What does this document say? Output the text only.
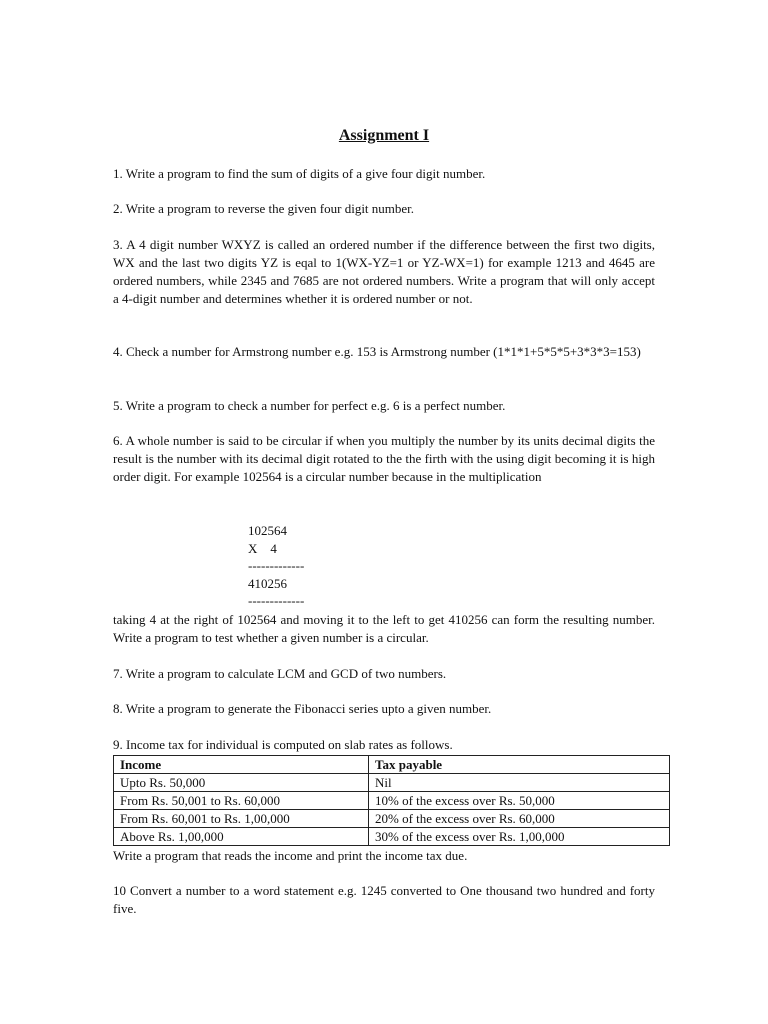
Assignment I
1. Write a program to find the sum of digits of a give four digit number.
2. Write a program to reverse the given four digit number.
3. A 4 digit number WXYZ is called an ordered number if the difference between the first two digits, WX and the last two digits YZ is eqal to 1(WX-YZ=1 or YZ-WX=1) for example 1213 and 4645 are ordered numbers, while 2345 and 7685 are not ordered numbers. Write a program that will only accept a 4-digit number and determines whether it is ordered number or not.
4. Check a number for Armstrong number e.g. 153 is Armstrong number (1*1*1+5*5*5+3*3*3=153)
5. Write a program to check a number for perfect e.g. 6 is a perfect number.
6. A whole number is said to be circular if when you multiply the number by its units decimal digits the result is the number with its decimal digit rotated to the the firth with the using digit becoming it is high order digit. For example 102564 is a circular number because in the multiplication
102564
X    4
-------------
410256
-------------
taking 4 at the right of 102564 and moving it to the left to get 410256 can form the resulting number. Write a program to test whether a given number is a circular.
7. Write a program to calculate LCM and GCD of two numbers.
8. Write a program to generate the Fibonacci series upto a given number.
9. Income tax for individual is computed on slab rates as follows.
Income	Tax payable
Upto Rs. 50,000	Nil
From Rs. 50,001 to Rs. 60,000	10% of the excess over Rs. 50,000
From Rs. 60,001 to Rs. 1,00,000	20% of the excess over Rs. 60,000
Above Rs. 1,00,000	30% of the excess over Rs. 1,00,000
Write a program that reads the income and print the income tax due.
10 Convert a number to a word statement e.g. 1245 converted to One thousand two hundred and forty five.
